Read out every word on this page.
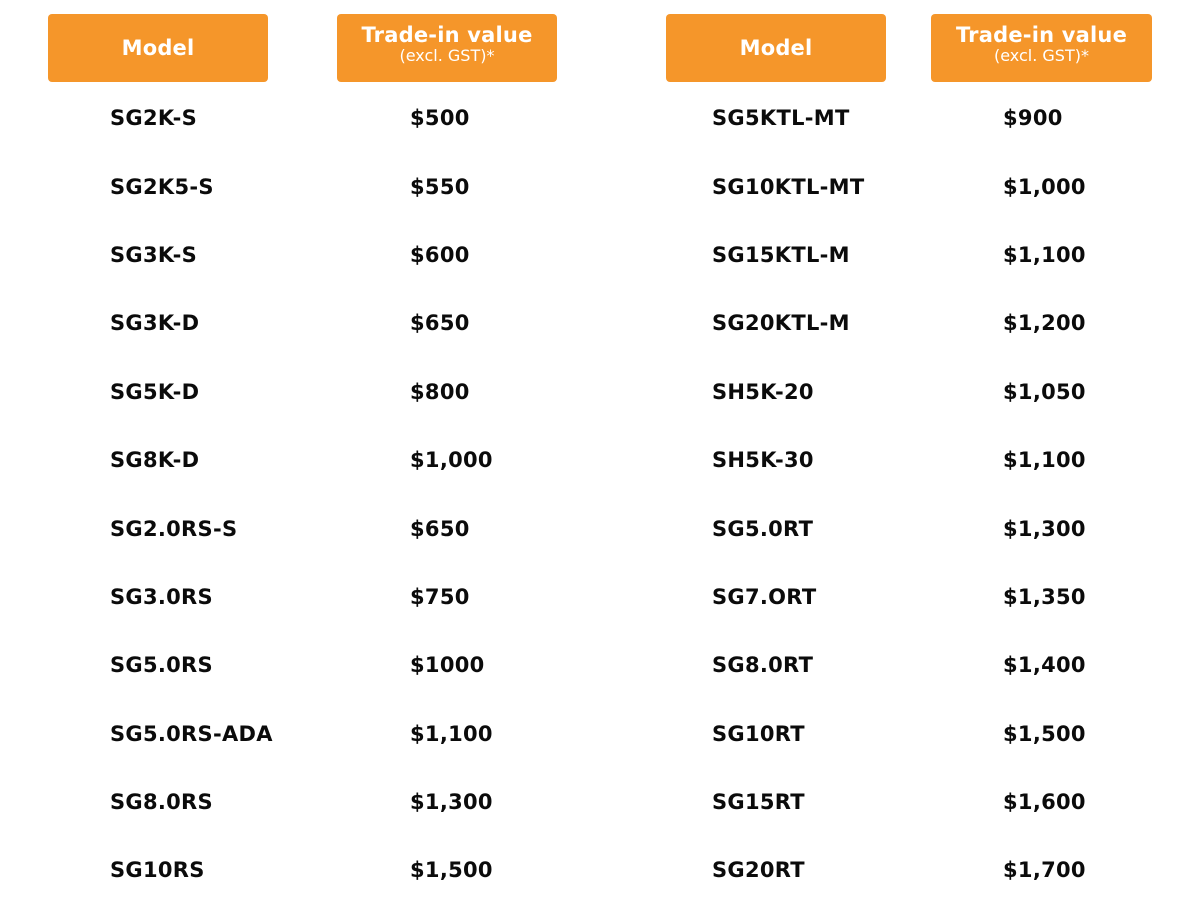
Model
Trade-in value
(excl. GST)*	Model
Trade-in value
(excl. GST)*
SG2K-S
SG2K5-S
SG3K-S
SG3K-D
SG5K-D
SG8K-D
SG2.0RS-S
SG3.0RS
SG5.0RS
SG5.0RS-ADA
SG8.0RS
SG10RS
$500
$550
$600
$650
$800
$1,000
$650
$750
$1000
$1,100
$1,300
$1,500
SG5KTL-MT
SG10KTL-MT
SG15KTL-M
SG20KTL-M
SH5K-20
SH5K-30
SG5.0RT
SG7.ORT
SG8.0RT
SG10RT
SG15RT
SG20RT
$900
$1,000
$1,100
$1,200
$1,050
$1,100
$1,300
$1,350
$1,400
$1,500
$1,600
$1,700
